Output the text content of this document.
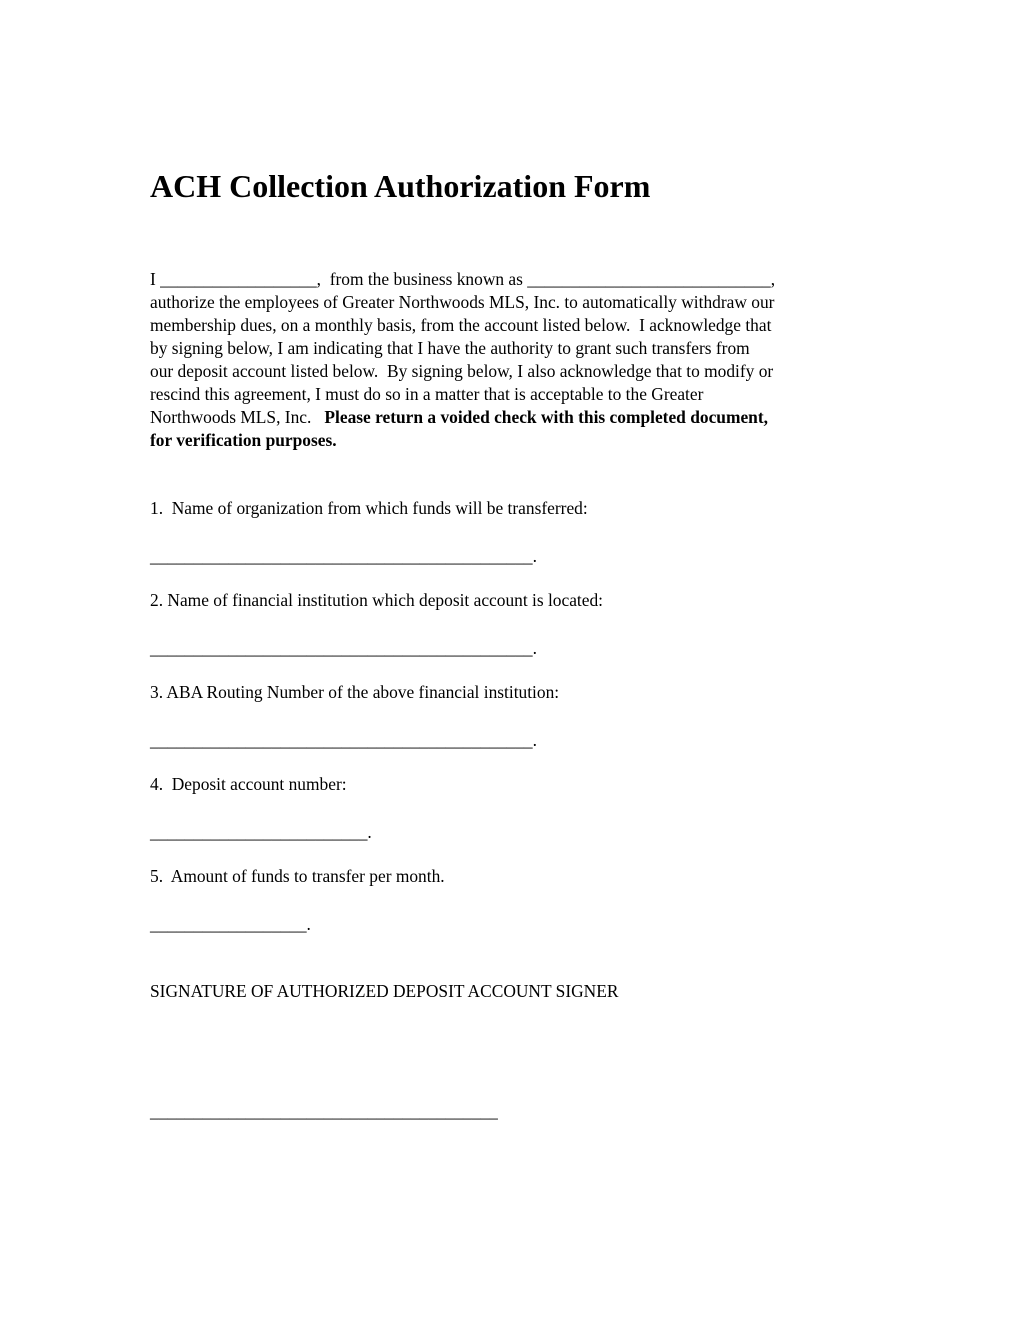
ACH Collection Authorization Form
I __________________,  from the business known as ____________________________,
authorize the employees of Greater Northwoods MLS, Inc. to automatically withdraw our
membership dues, on a monthly basis, from the account listed below.  I acknowledge that
by signing below, I am indicating that I have the authority to grant such transfers from
our deposit account listed below.  By signing below, I also acknowledge that to modify or
rescind this agreement, I must do so in a matter that is acceptable to the Greater
Northwoods MLS, Inc.   Please return a voided check with this completed document,
for verification purposes.
1.  Name of organization from which funds will be transferred:
____________________________________________.
2. Name of financial institution which deposit account is located:
____________________________________________.
3. ABA Routing Number of the above financial institution:
____________________________________________.
4.  Deposit account number:
_________________________.
5.  Amount of funds to transfer per month.
__________________.
SIGNATURE OF AUTHORIZED DEPOSIT ACCOUNT SIGNER
________________________________________
